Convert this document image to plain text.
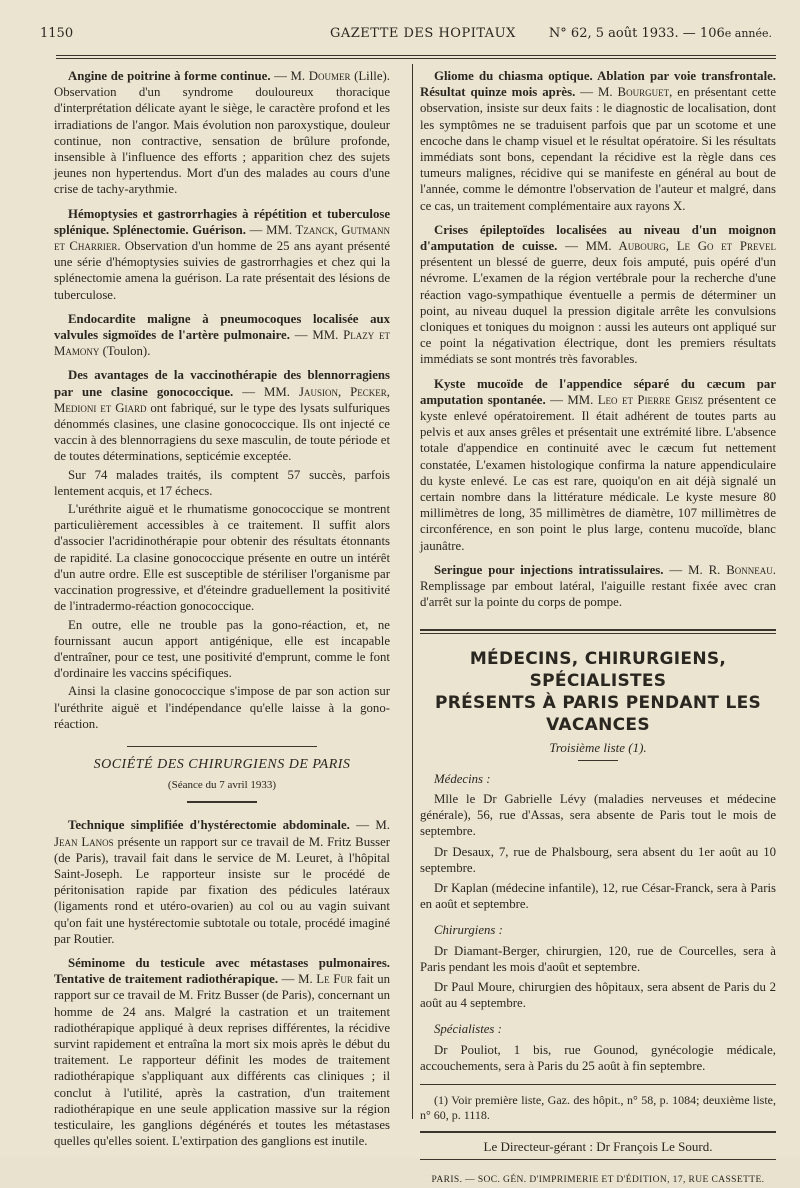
1150	GAZETTE DES HOPITAUX	N° 62, 5 août 1933. — 106e année.

Angine de poitrine à forme continue. — M. Doumer (Lille). Observation d'un syndrome douloureux thoracique d'interprétation délicate ayant le siège, le caractère profond et les irradiations de l'angor. Mais évolution non paroxystique, douleur continue, non contractive, sensation de brûlure profonde, insensible à l'influence des efforts ; apparition chez des sujets jeunes non hypertendus. Mort d'un des malades au cours d'une crise de tachy-arythmie.

Hémoptysies et gastrorrhagies à répétition et tuberculose splénique. Splénectomie. Guérison. — MM. Tzanck, Gutmann et Charrier. Observation d'un homme de 25 ans ayant présenté une série d'hémoptysies suivies de gastrorrhagies et chez qui la splénectomie amena la guérison. La rate présentait des lésions de tuberculose.

Endocardite maligne à pneumocoques localisée aux valvules sigmoïdes de l'artère pulmonaire. — MM. Plazy et Mamony (Toulon).

Des avantages de la vaccinothérapie des blennorragiens par une clasine gonococcique. — MM. Jausion, Pecker, Medioni et Giard ont fabriqué, sur le type des lysats sulfuriques dénommés clasines, une clasine gonococcique. Ils ont injecté ce vaccin à des blennorragiens du sexe masculin, de toute période et de toutes déterminations, septicémie exceptée.

Sur 74 malades traités, ils comptent 57 succès, parfois lentement acquis, et 17 échecs.

L'uréthrite aiguë et le rhumatisme gonococcique se montrent particulièrement accessibles à ce traitement. Il suffit alors d'associer l'acridinothérapie pour obtenir des résultats étonnants de rapidité. La clasine gonococcique présente en outre un intérêt d'un autre ordre. Elle est susceptible de stériliser l'organisme par vaccination progressive, et d'éteindre graduellement la positivité de l'intradermo-réaction gonococcique.

En outre, elle ne trouble pas la gono-réaction, et, ne fournissant aucun apport antigénique, elle est incapable d'entraîner, pour ce test, une positivité d'emprunt, comme le font d'ordinaire les vaccins spécifiques.

Ainsi la clasine gonococcique s'impose de par son action sur l'uréthrite aiguë et l'indépendance qu'elle laisse à la gono-réaction.

SOCIÉTÉ DES CHIRURGIENS DE PARIS

(Séance du 7 avril 1933)

Technique simplifiée d'hystérectomie abdominale. — M. Jean Lanos présente un rapport sur ce travail de M. Fritz Busser (de Paris), travail fait dans le service de M. Leuret, à l'hôpital Saint-Joseph. Le rapporteur insiste sur le procédé de péritonisation rapide par fixation des pédicules latéraux (ligaments rond et utéro-ovarien) au col ou au vagin suivant qu'on fait une hystérectomie subtotale ou totale, procédé imaginé par Routier.

Séminome du testicule avec métastases pulmonaires. Tentative de traitement radiothérapique. — M. Le Fur fait un rapport sur ce travail de M. Fritz Busser (de Paris), concernant un homme de 24 ans. Malgré la castration et un traitement radiothérapique appliqué à deux reprises différentes, la récidive survint rapidement et entraîna la mort six mois après le début du traitement. Le rapporteur définit les modes de traitement radiothérapique s'appliquant aux différents cas cliniques ; il conclut à l'utilité, après la castration, d'un traitement radiothérapique en une seule application massive sur la région testiculaire, les ganglions dégénérés et toutes les métastases quelles qu'elles soient. L'extirpation des ganglions est inutile.

Gliome du chiasma optique. Ablation par voie transfrontale. Résultat quinze mois après. — M. Bourguet, en présentant cette observation, insiste sur deux faits : le diagnostic de localisation, dont les symptômes ne se traduisent parfois que par un scotome et une encoche dans le champ visuel et le résultat opératoire. Si les résultats immédiats sont bons, cependant la récidive est la règle dans ces tumeurs malignes, récidive qui se manifeste en général au bout de l'année, comme le démontre l'observation de l'auteur et malgré, dans ce cas, un traitement complémentaire aux rayons X.

Crises épileptoïdes localisées au niveau d'un moignon d'amputation de cuisse. — MM. Aubourg, Le Go et Prevel présentent un blessé de guerre, deux fois amputé, puis opéré d'un névrome. L'examen de la région vertébrale pour la recherche d'une réaction vago-sympathique éventuelle a permis de déterminer un point, au niveau duquel la pression digitale arrête les convulsions cloniques et toniques du moignon : aussi les auteurs ont appliqué sur ce point la négativation électrique, dont les premiers résultats immédiats se sont montrés très favorables.

Kyste mucoïde de l'appendice séparé du cæcum par amputation spontanée. — MM. Leo et Pierre Geisz présentent ce kyste enlevé opératoirement. Il était adhérent de toutes parts au pelvis et aux anses grêles et présentait une extrémité libre. L'absence totale d'appendice en continuité avec le cæcum fut nettement constatée, L'examen histologique confirma la nature appendiculaire du kyste enlevé. Le cas est rare, quoiqu'on en ait déjà signalé un certain nombre dans la littérature médicale. Le kyste mesure 80 millimètres de long, 35 millimètres de diamètre, 107 millimètres de circonférence, en son point le plus large, contenu mucoïde, blanc jaunâtre.

Seringue pour injections intratissulaires. — M. R. Bonneau. Remplissage par embout latéral, l'aiguille restant fixée avec cran d'arrêt sur la pointe du corps de pompe.

MÉDECINS, CHIRURGIENS, SPÉCIALISTES

PRÉSENTS À PARIS PENDANT LES VACANCES

Troisième liste (1).

Médecins :

Mlle le Dr Gabrielle Lévy (maladies nerveuses et médecine générale), 56, rue d'Assas, sera absente de Paris tout le mois de septembre.

Dr Desaux, 7, rue de Phalsbourg, sera absent du 1er août au 10 septembre.

Dr Kaplan (médecine infantile), 12, rue César-Franck, sera à Paris en août et septembre.

Chirurgiens :

Dr Diamant-Berger, chirurgien, 120, rue de Courcelles, sera à Paris pendant les mois d'août et septembre.

Dr Paul Moure, chirurgien des hôpitaux, sera absent de Paris du 2 août au 4 septembre.

Spécialistes :

Dr Pouliot, 1 bis, rue Gounod, gynécologie médicale, accouchements, sera à Paris du 25 août à fin septembre.

(1) Voir première liste, Gaz. des hôpit., n° 58, p. 1084; deuxième liste, n° 60, p. 1118.

Le Directeur-gérant : Dr François Le Sourd.

PARIS. — SOC. GÉN. D'IMPRIMERIE ET D'ÉDITION, 17, RUE CASSETTE.
